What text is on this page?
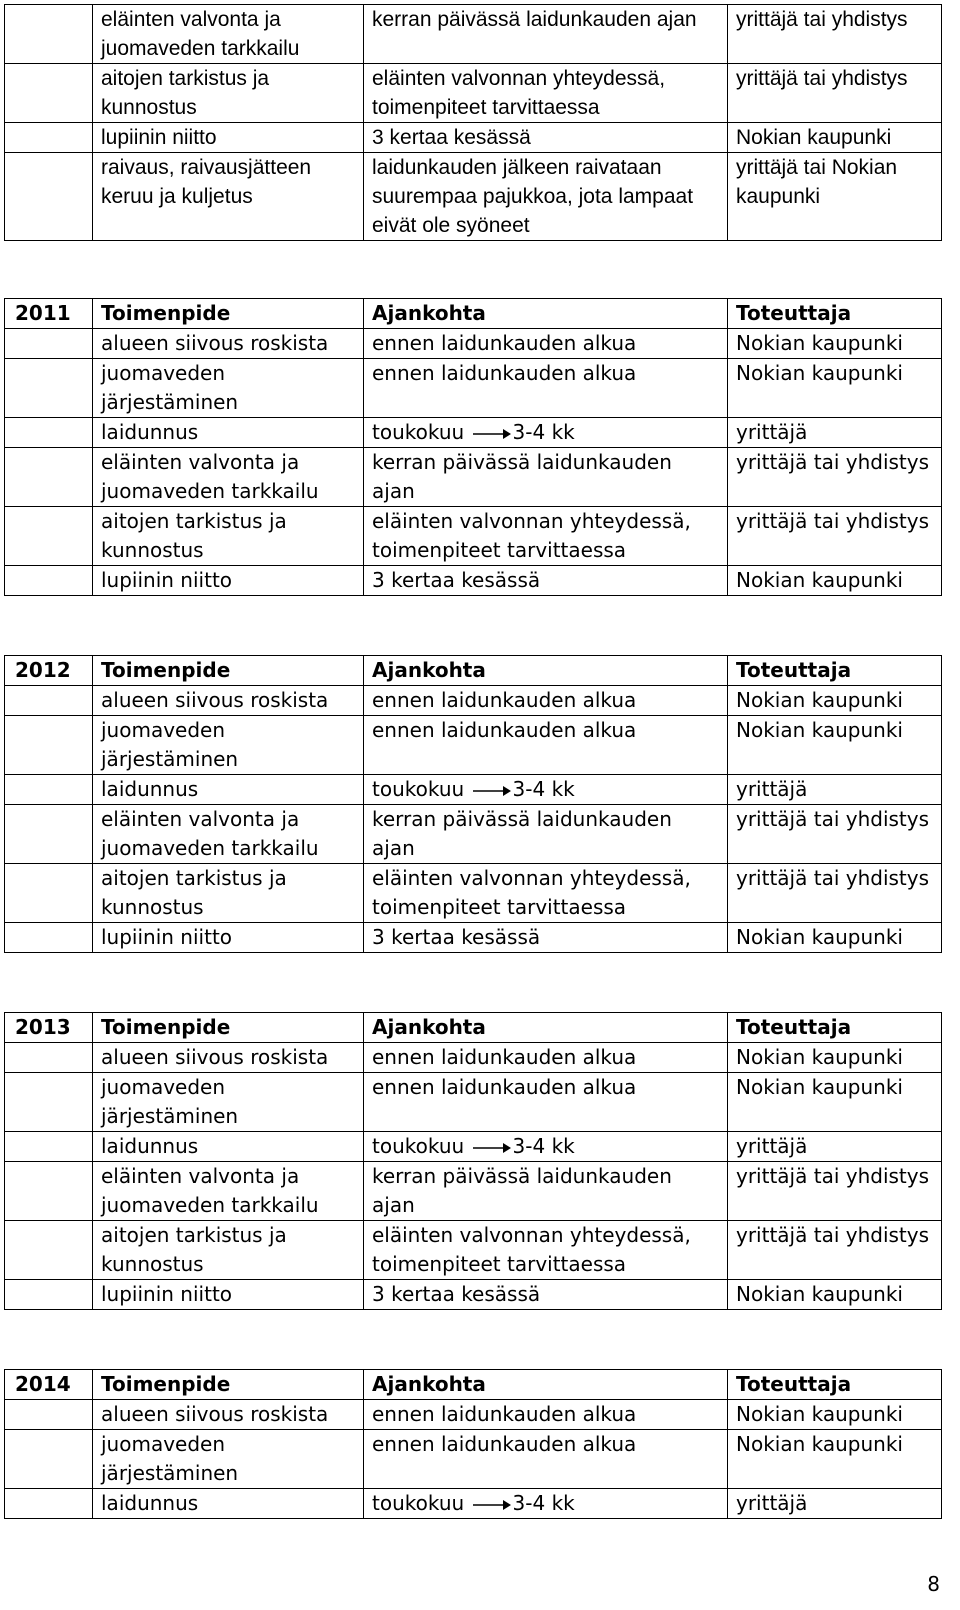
	eläinten valvonta ja juomaveden tarkkailu	kerran päivässä laidunkauden ajan	yrittäjä tai yhdistys
	aitojen tarkistus ja kunnostus	eläinten valvonnan yhteydessä, toimenpiteet tarvittaessa	yrittäjä tai yhdistys
	lupiinin niitto	3 kertaa kesässä	Nokian kaupunki
	raivaus, raivausjätteen keruu ja kuljetus	laidunkauden jälkeen raivataan suurempaa pajukkoa, jota lampaat eivät ole syöneet	yrittäjä tai Nokian kaupunki
2011	Toimenpide	Ajankohta	Toteuttaja
	alueen siivous roskista	ennen laidunkauden alkua	Nokian kaupunki
	juomaveden järjestäminen	ennen laidunkauden alkua	Nokian kaupunki
	laidunnus	toukokuu 3-4 kk	yrittäjä
	eläinten valvonta ja juomaveden tarkkailu	kerran päivässä laidunkauden ajan	yrittäjä tai yhdistys
	aitojen tarkistus ja kunnostus	eläinten valvonnan yhteydessä, toimenpiteet tarvittaessa	yrittäjä tai yhdistys
	lupiinin niitto	3 kertaa kesässä	Nokian kaupunki
2012	Toimenpide	Ajankohta	Toteuttaja
	alueen siivous roskista	ennen laidunkauden alkua	Nokian kaupunki
	juomaveden järjestäminen	ennen laidunkauden alkua	Nokian kaupunki
	laidunnus	toukokuu 3-4 kk	yrittäjä
	eläinten valvonta ja juomaveden tarkkailu	kerran päivässä laidunkauden ajan	yrittäjä tai yhdistys
	aitojen tarkistus ja kunnostus	eläinten valvonnan yhteydessä, toimenpiteet tarvittaessa	yrittäjä tai yhdistys
	lupiinin niitto	3 kertaa kesässä	Nokian kaupunki
2013	Toimenpide	Ajankohta	Toteuttaja
	alueen siivous roskista	ennen laidunkauden alkua	Nokian kaupunki
	juomaveden järjestäminen	ennen laidunkauden alkua	Nokian kaupunki
	laidunnus	toukokuu 3-4 kk	yrittäjä
	eläinten valvonta ja juomaveden tarkkailu	kerran päivässä laidunkauden ajan	yrittäjä tai yhdistys
	aitojen tarkistus ja kunnostus	eläinten valvonnan yhteydessä, toimenpiteet tarvittaessa	yrittäjä tai yhdistys
	lupiinin niitto	3 kertaa kesässä	Nokian kaupunki
2014	Toimenpide	Ajankohta	Toteuttaja
	alueen siivous roskista	ennen laidunkauden alkua	Nokian kaupunki
	juomaveden järjestäminen	ennen laidunkauden alkua	Nokian kaupunki
	laidunnus	toukokuu 3-4 kk	yrittäjä
8
